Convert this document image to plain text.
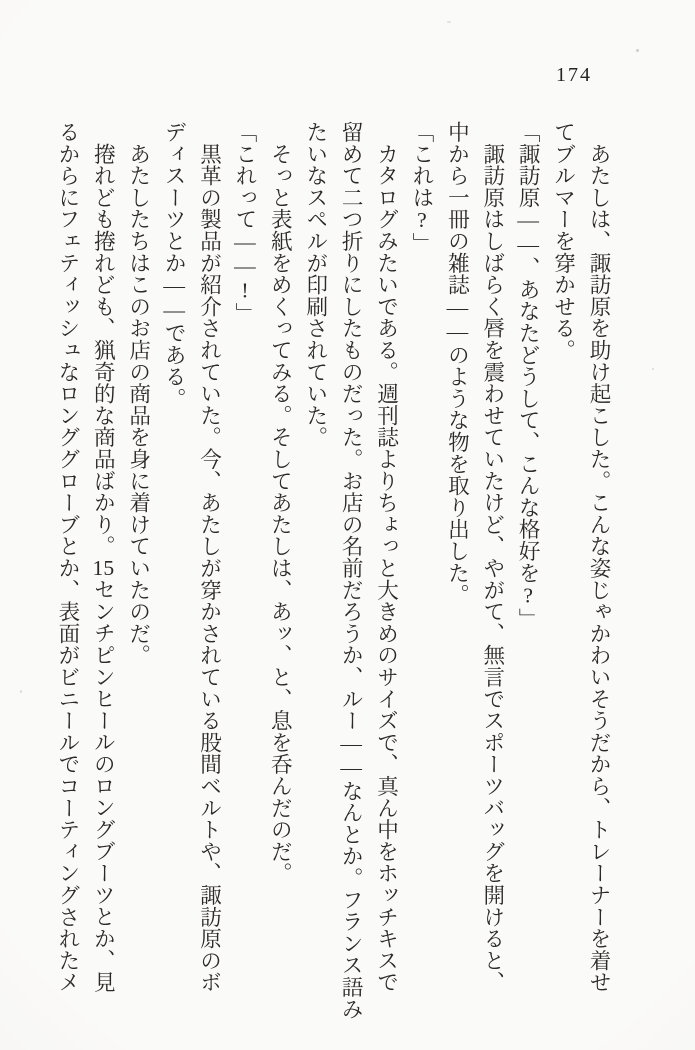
174
　あたしは、諏訪原を助け起こした。こんな姿じゃかわいそうだから、トレーナーを着せ
てブルマーを穿かせる。
「諏訪原――、あなたどうして、こんな格好を?」
　諏訪原はしばらく唇を震わせていたけど、やがて、無言でスポーツバッグを開けると、
中から一冊の雑誌――のような物を取り出した。
「これは?」
　カタログみたいである。週刊誌よりちょっと大きめのサイズで、真ん中をホッチキスで
留めて二つ折りにしたものだった。お店の名前だろうか、ルー――なんとか。フランス語み
たいなスペルが印刷されていた。
　そっと表紙をめくってみる。そしてあたしは、あッ、と、息を呑んだのだ。
「これって――!」
　黒革の製品が紹介されていた。今、あたしが穿かされている股間ベルトや、諏訪原のボ
ディスーツとか――である。
　あたしたちはこのお店の商品を身に着けていたのだ。
　捲れども捲れども、猟奇的な商品ばかり。15センチピンヒールのロングブーツとか、見
るからにフェティッシュなロンググローブとか、表面がビニールでコーティングされたメ
